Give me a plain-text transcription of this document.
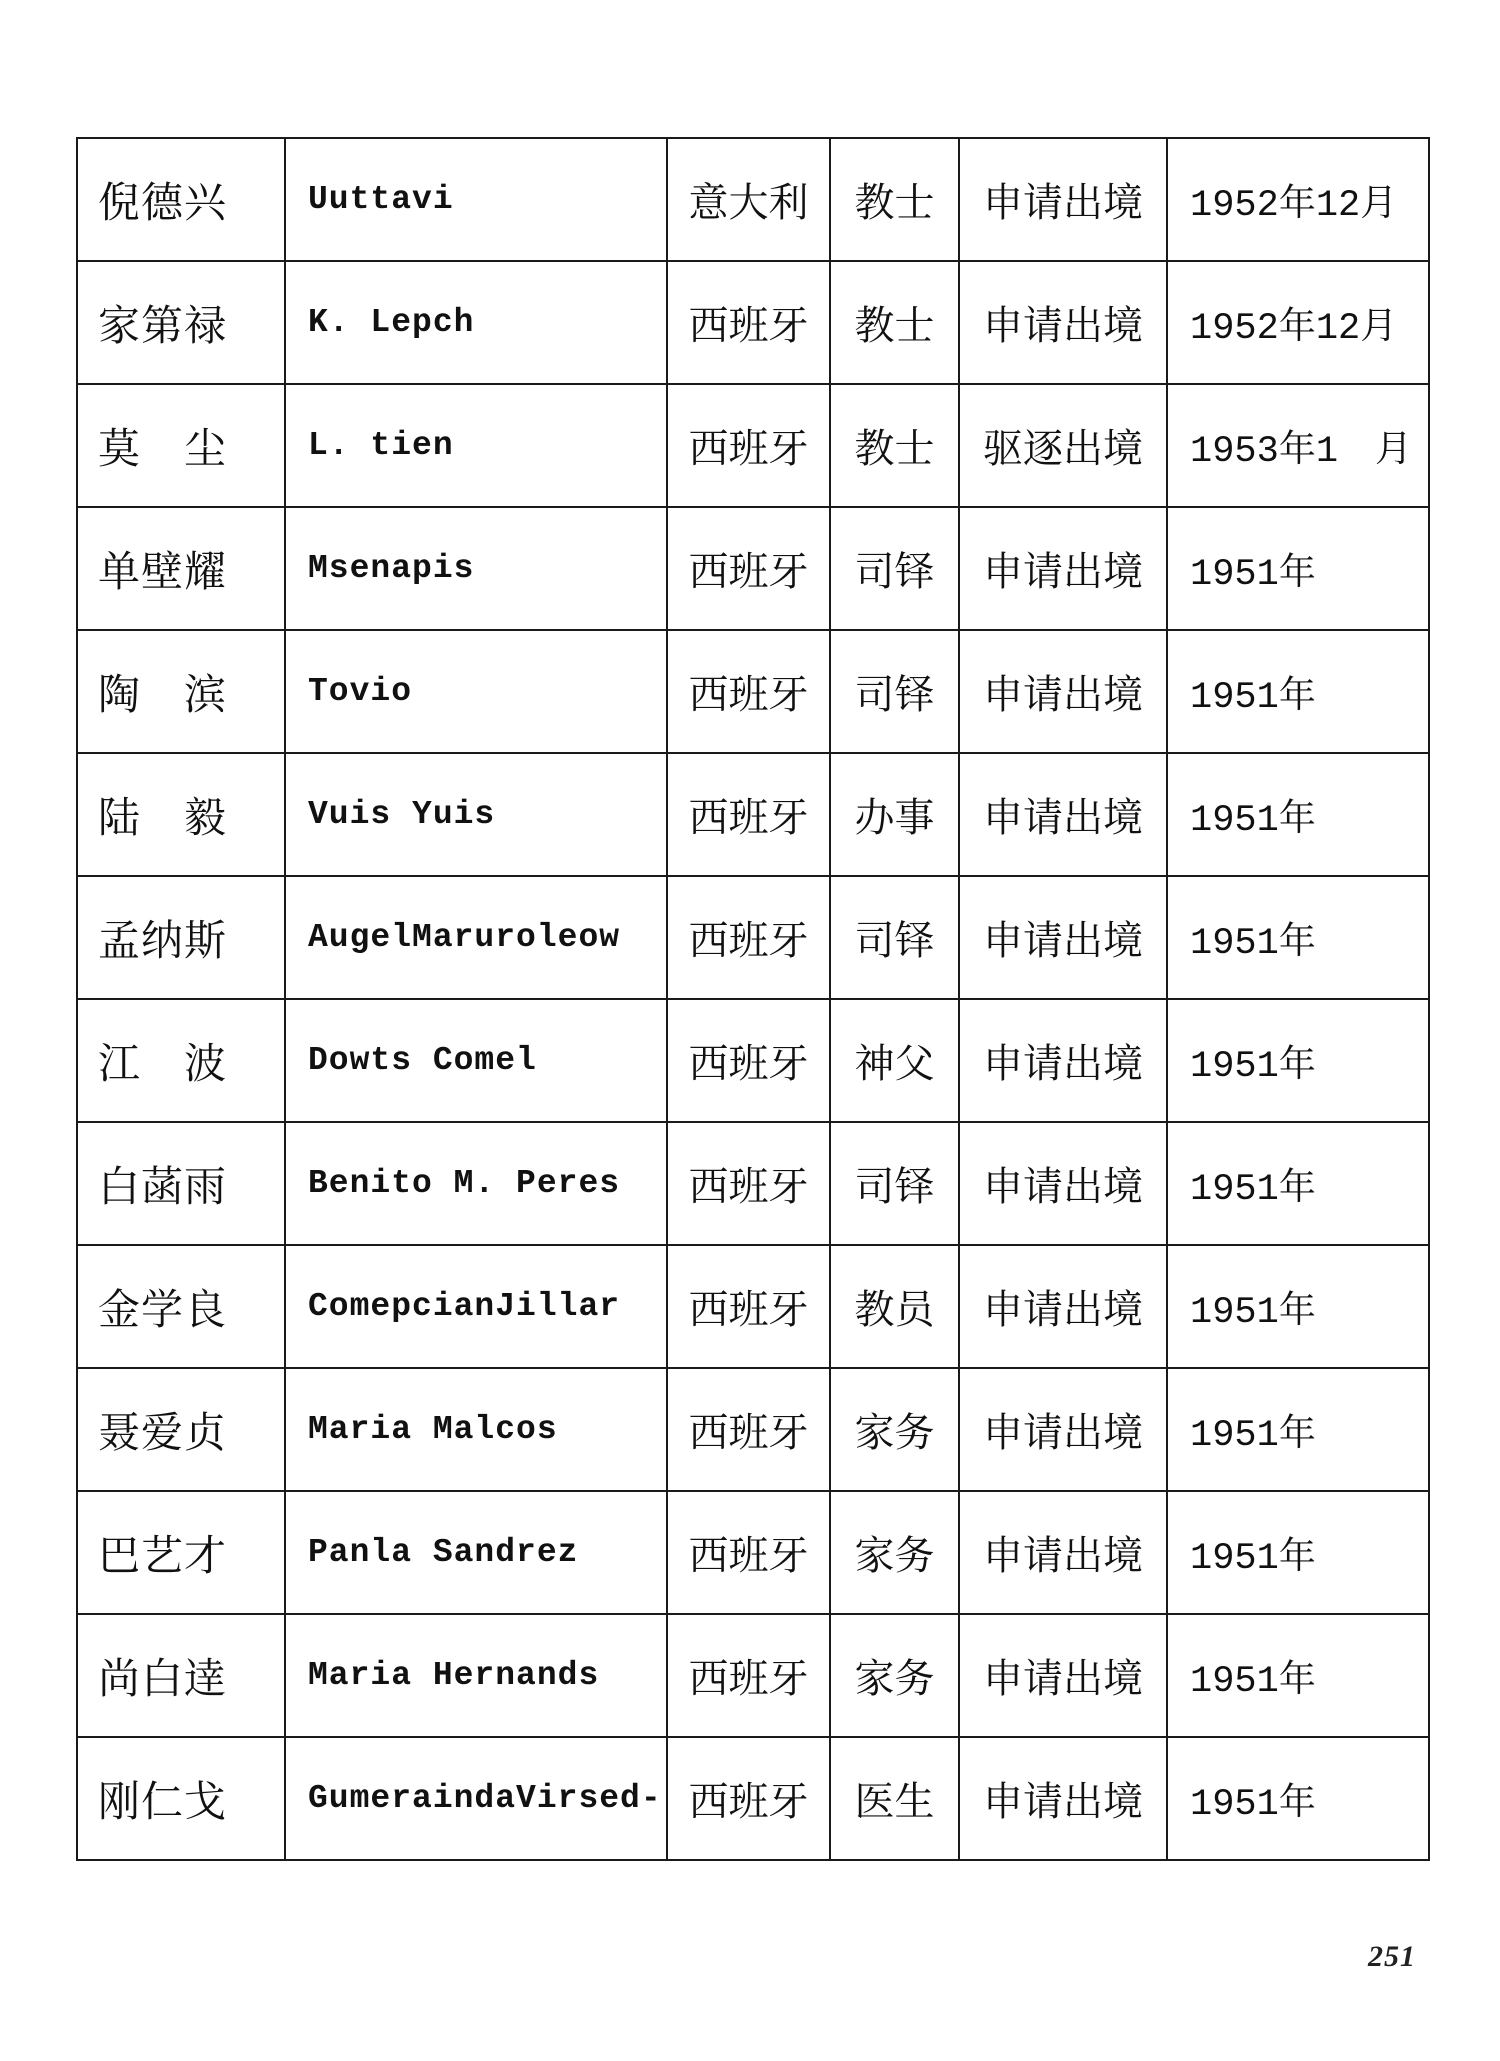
倪德兴	Uuttavi	意大利	教士	申请出境	1952年12月
家第禄	K. Lepch	西班牙	教士	申请出境	1952年12月
莫　尘	L. tien	西班牙	教士	驱逐出境	1953年1　月
单壁耀	Msenapis	西班牙	司铎	申请出境	1951年
陶　滨	Tovio	西班牙	司铎	申请出境	1951年
陆　毅	Vuis Yuis	西班牙	办事	申请出境	1951年
孟纳斯	AugelMaruroleow	西班牙	司铎	申请出境	1951年
江　波	Dowts Comel	西班牙	神父	申请出境	1951年
白菡雨	Benito M. Peres	西班牙	司铎	申请出境	1951年
金学良	ComepcianJillar	西班牙	教员	申请出境	1951年
聂爱贞	Maria Malcos	西班牙	家务	申请出境	1951年
巴艺才	Panla Sandrez	西班牙	家务	申请出境	1951年
尚白逹	Maria Hernands	西班牙	家务	申请出境	1951年
刚仁戈	GumeraindaVirsed-	西班牙	医生	申请出境	1951年
251
